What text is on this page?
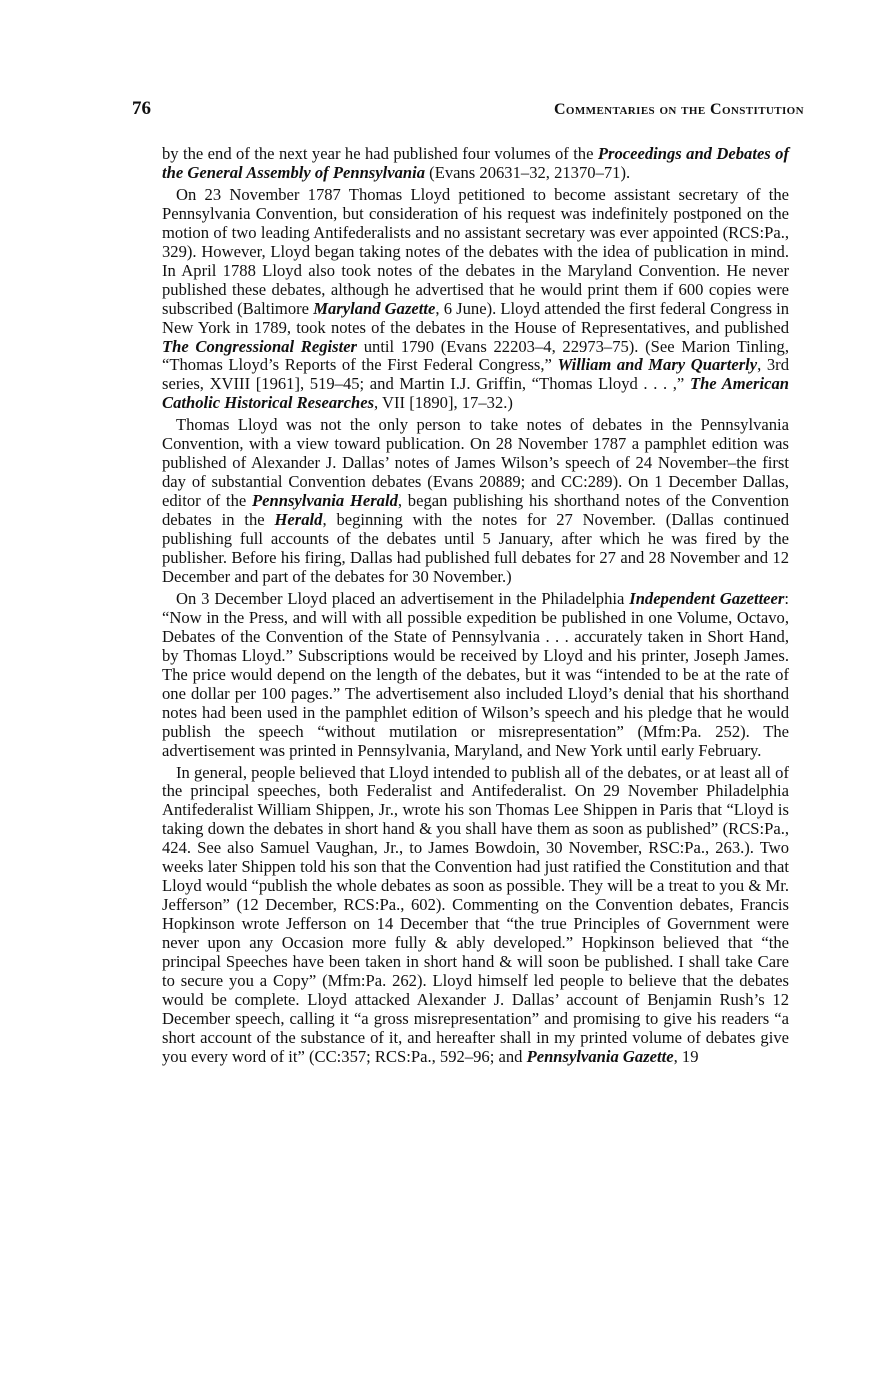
76	Commentaries on the Constitution

by the end of the next year he had published four volumes of the Proceedings and Debates of the General Assembly of Pennsylvania (Evans 20631–32, 21370–71).

On 23 November 1787 Thomas Lloyd petitioned to become assistant secretary of the Pennsylvania Convention, but consideration of his request was indefinitely postponed on the motion of two leading Antifederalists and no assistant secretary was ever appointed (RCS:Pa., 329). However, Lloyd began taking notes of the debates with the idea of publication in mind. In April 1788 Lloyd also took notes of the debates in the Maryland Convention. He never published these debates, although he advertised that he would print them if 600 copies were subscribed (Baltimore Maryland Gazette, 6 June). Lloyd attended the first federal Congress in New York in 1789, took notes of the debates in the House of Representatives, and published The Congressional Register until 1790 (Evans 22203–4, 22973–75). (See Marion Tinling, “Thomas Lloyd’s Reports of the First Federal Congress,” William and Mary Quarterly, 3rd series, XVIII [1961], 519–45; and Martin I.J. Griffin, “Thomas Lloyd . . . ,” The American Catholic Historical Researches, VII [1890], 17–32.)

Thomas Lloyd was not the only person to take notes of debates in the Pennsylvania Convention, with a view toward publication. On 28 November 1787 a pamphlet edition was published of Alexander J. Dallas’ notes of James Wilson’s speech of 24 November–the first day of substantial Convention debates (Evans 20889; and CC:289). On 1 December Dallas, editor of the Pennsylvania Herald, began publishing his shorthand notes of the Convention debates in the Herald, beginning with the notes for 27 November. (Dallas continued publishing full accounts of the debates until 5 January, after which he was fired by the publisher. Before his firing, Dallas had published full debates for 27 and 28 November and 12 December and part of the debates for 30 November.)

On 3 December Lloyd placed an advertisement in the Philadelphia Independent Gazetteer: “Now in the Press, and will with all possible expedition be published in one Volume, Octavo, Debates of the Convention of the State of Pennsylvania . . . accurately taken in Short Hand, by Thomas Lloyd.” Subscriptions would be received by Lloyd and his printer, Joseph James. The price would depend on the length of the debates, but it was “intended to be at the rate of one dollar per 100 pages.” The advertisement also included Lloyd’s denial that his shorthand notes had been used in the pamphlet edition of Wilson’s speech and his pledge that he would publish the speech “without mutilation or misrepresentation” (Mfm:Pa. 252). The advertisement was printed in Pennsylvania, Maryland, and New York until early February.

In general, people believed that Lloyd intended to publish all of the debates, or at least all of the principal speeches, both Federalist and Antifederalist. On 29 November Philadelphia Antifederalist William Shippen, Jr., wrote his son Thomas Lee Shippen in Paris that “Lloyd is taking down the debates in short hand & you shall have them as soon as published” (RCS:Pa., 424. See also Samuel Vaughan, Jr., to James Bowdoin, 30 November, RSC:Pa., 263.). Two weeks later Shippen told his son that the Convention had just ratified the Constitution and that Lloyd would “publish the whole debates as soon as possible. They will be a treat to you & Mr. Jefferson” (12 December, RCS:Pa., 602). Commenting on the Convention debates, Francis Hopkinson wrote Jefferson on 14 December that “the true Principles of Government were never upon any Occasion more fully & ably developed.” Hopkinson believed that “the principal Speeches have been taken in short hand & will soon be published. I shall take Care to secure you a Copy” (Mfm:Pa. 262). Lloyd himself led people to believe that the debates would be complete. Lloyd attacked Alexander J. Dallas’ account of Benjamin Rush’s 12 December speech, calling it “a gross misrepresentation” and promising to give his readers “a short account of the substance of it, and hereafter shall in my printed volume of debates give you every word of it” (CC:357; RCS:Pa., 592–96; and Pennsylvania Gazette, 19
